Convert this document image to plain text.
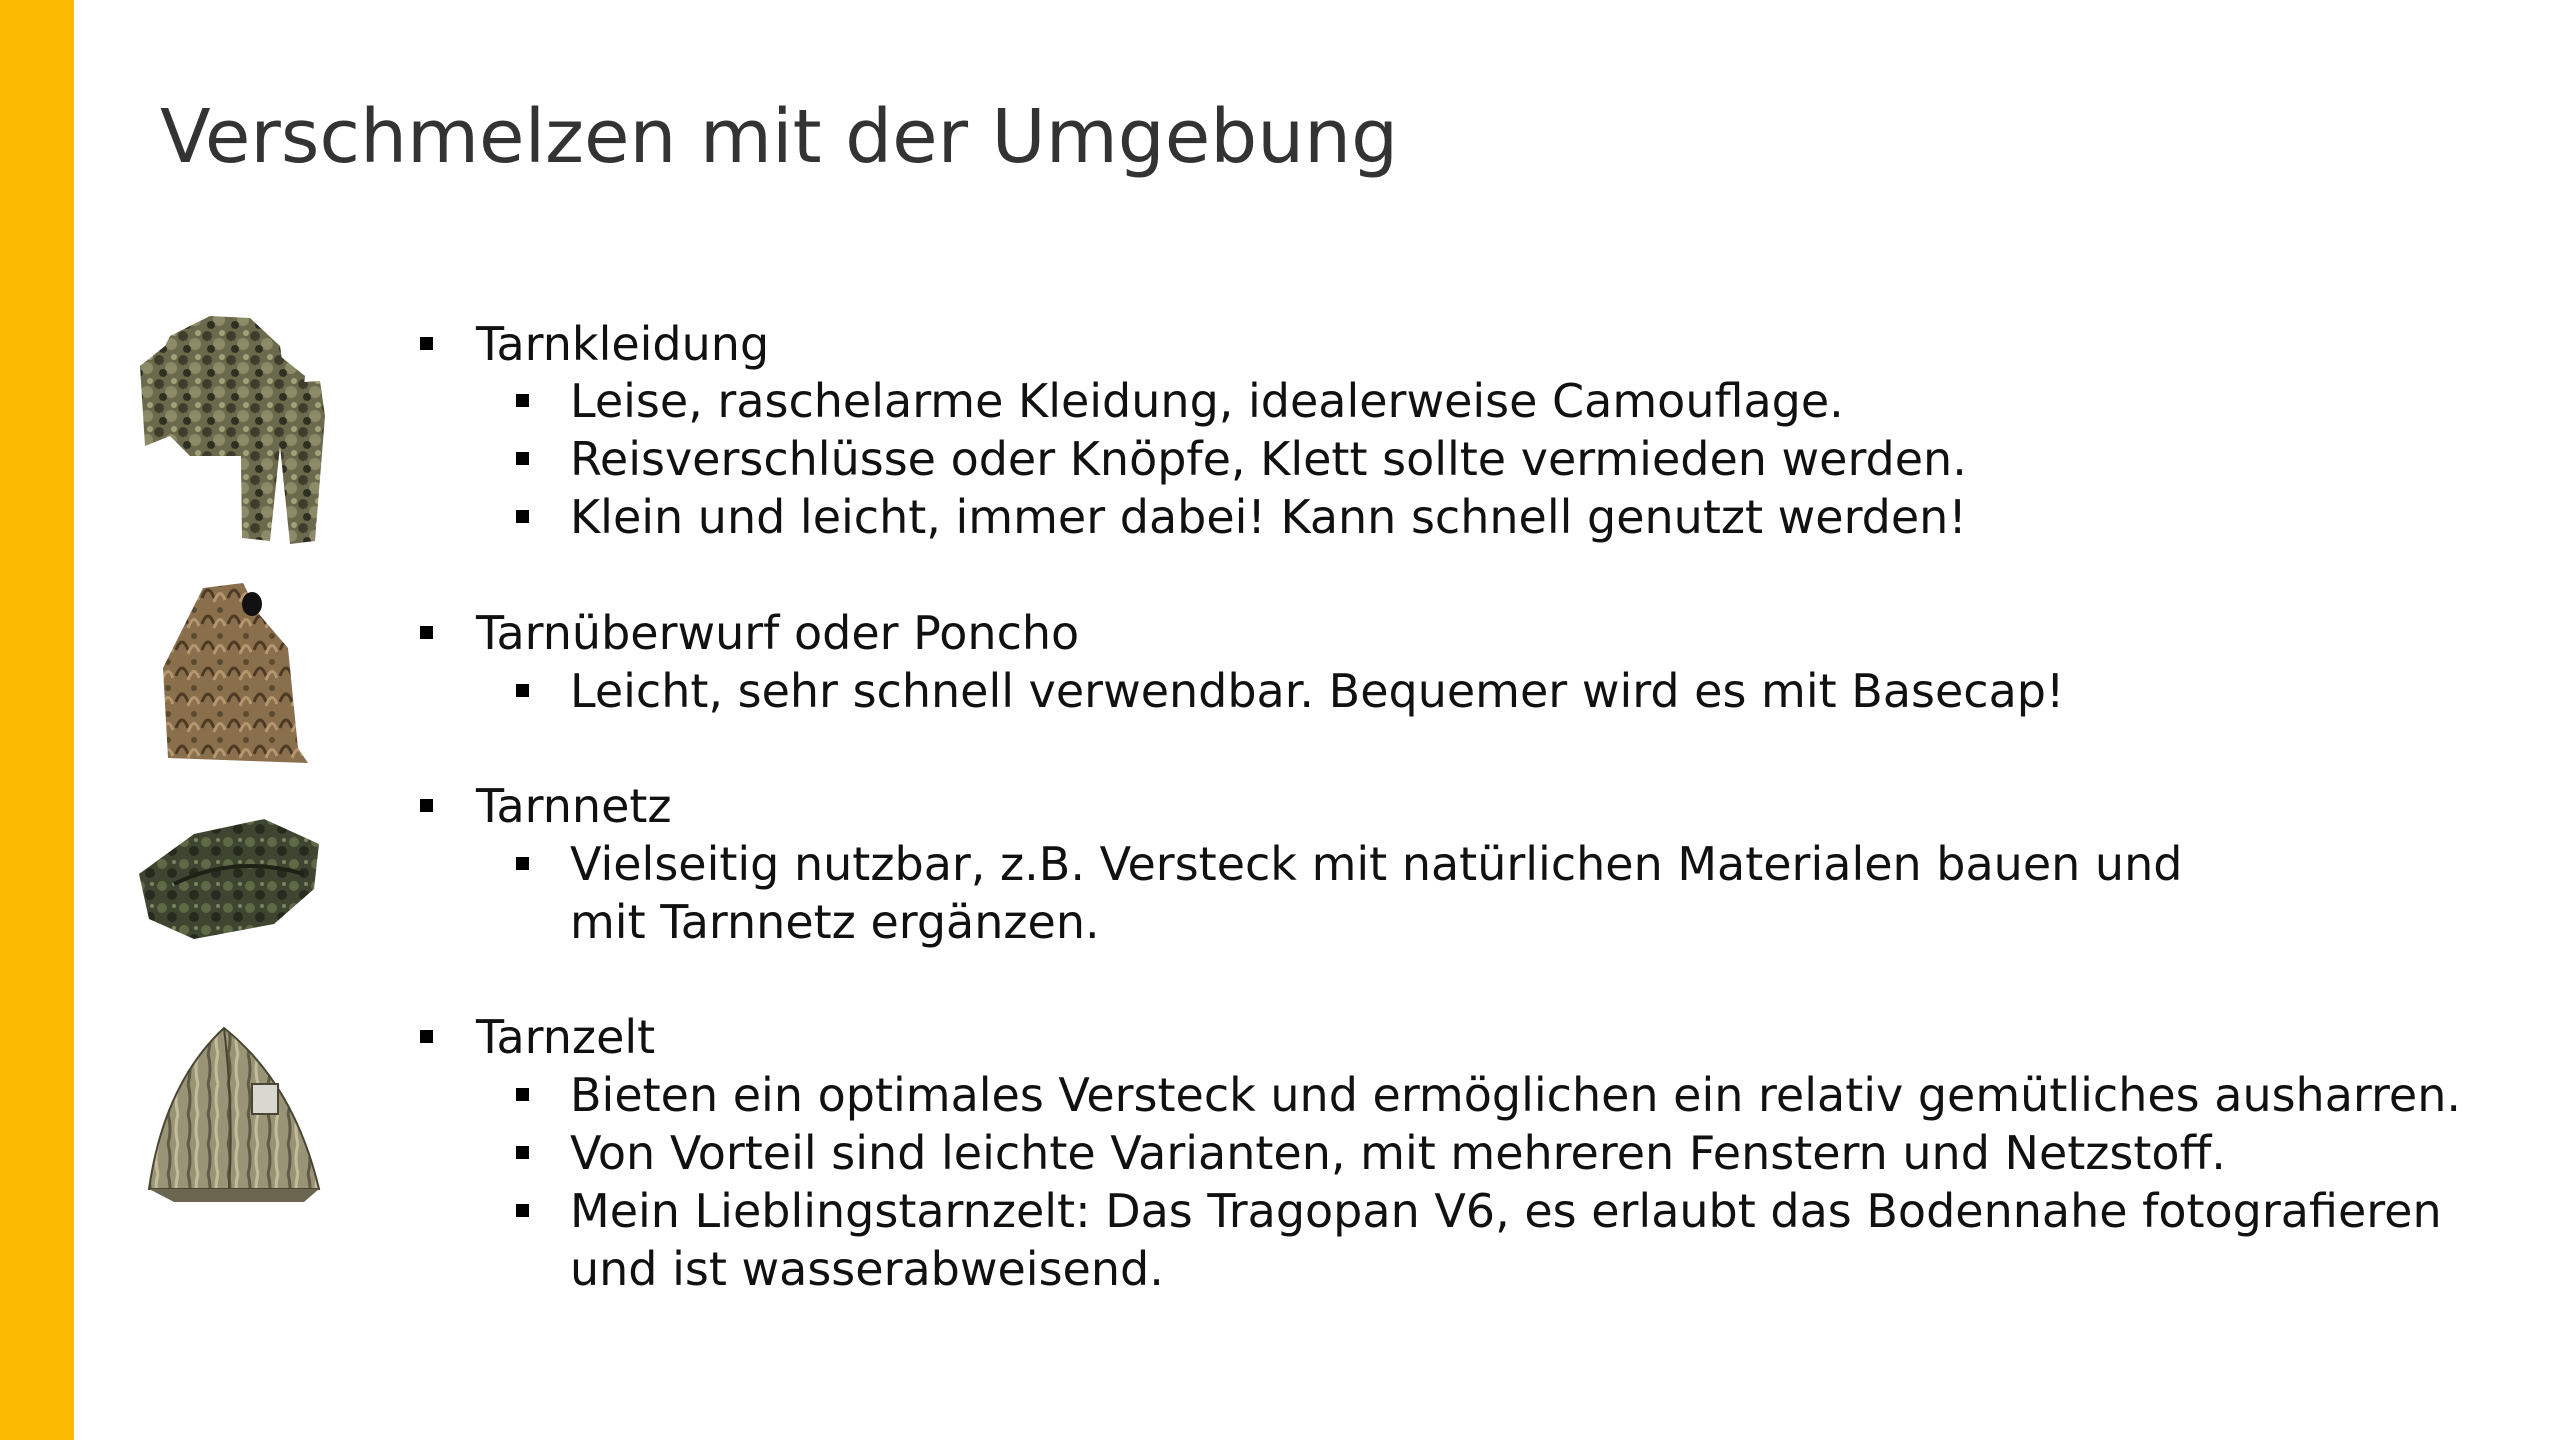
Verschmelzen mit der Umgebung
Tarnkleidung
Leise, raschelarme Kleidung, idealerweise Camouflage.
Reisverschlüsse oder Knöpfe, Klett sollte vermieden werden.
Klein und leicht, immer dabei! Kann schnell genutzt werden!
Tarnüberwurf oder Poncho
Leicht, sehr schnell verwendbar. Bequemer wird es mit Basecap!
Tarnnetz
Vielseitig nutzbar, z.B. Versteck mit natürlichen Materialen bauen und
mit Tarnnetz ergänzen.
Tarnzelt
Bieten ein optimales Versteck und ermöglichen ein relativ gemütliches ausharren.
Von Vorteil sind leichte Varianten, mit mehreren Fenstern und Netzstoff.
Mein Lieblingstarnzelt: Das Tragopan V6, es erlaubt das Bodennahe fotografieren
und ist wasserabweisend.
